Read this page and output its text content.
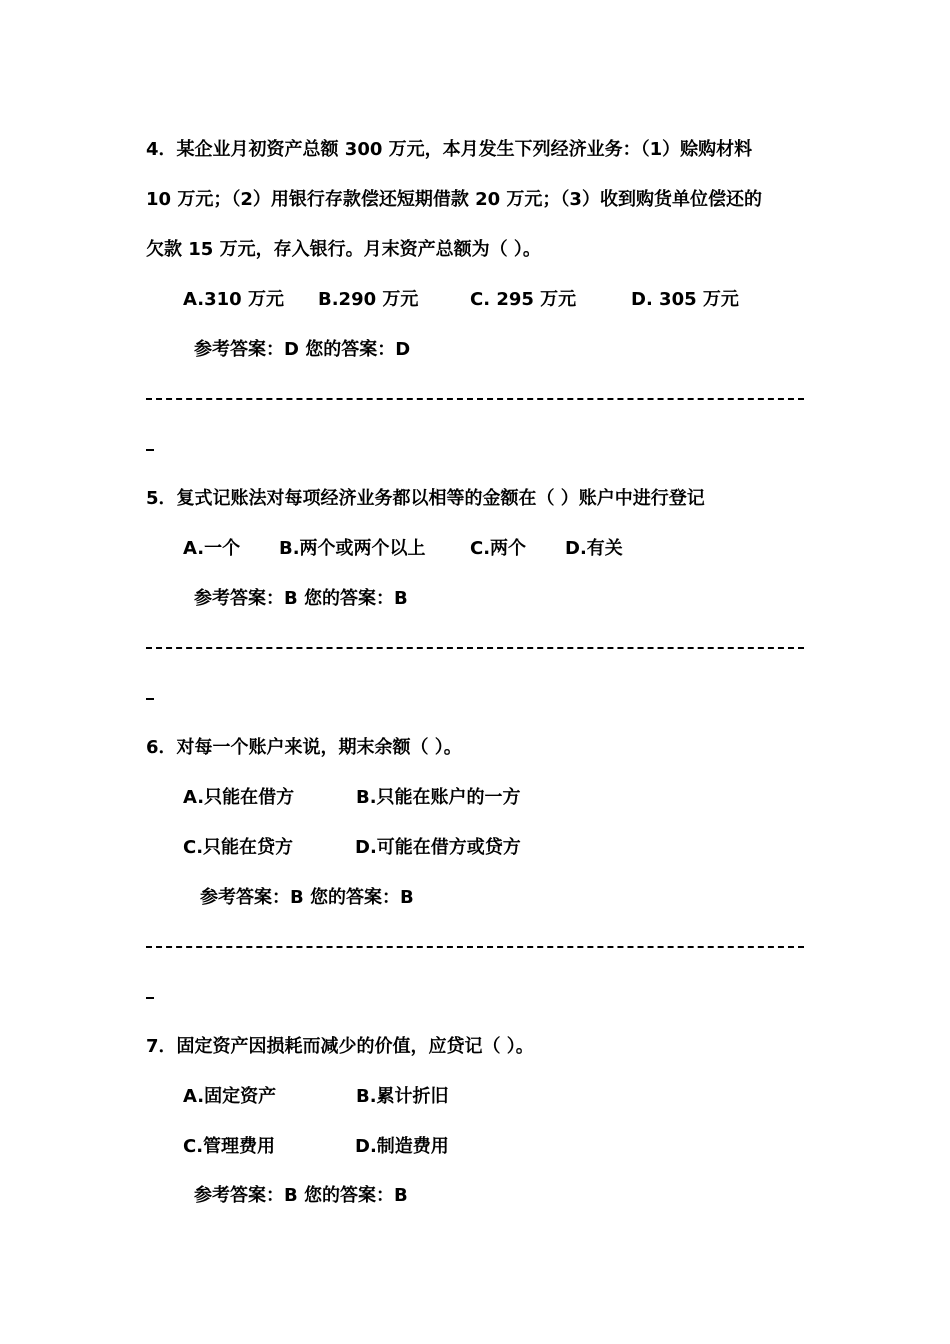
4．某企业月初资产总额 300 万元，本月发生下列经济业务：（1）赊购材料
10 万元；（2）用银行存款偿还短期借款 20 万元；（3）收到购货单位偿还的
欠款 15 万元，存入银行。月末资产总额为（ ）。
A.310 万元 B.290 万元	C. 295 万元	D. 305 万元
参考答案：D 您的答案：D
5．复式记账法对每项经济业务都以相等的金额在（ ）账户中进行登记
A.一个 B.两个或两个以上 C.两个 D.有关
参考答案：B 您的答案：B
6．对每一个账户来说，期末余额（ ）。
A.只能在借方	B.只能在账户的一方
C.只能在贷方	D.可能在借方或贷方
参考答案：B 您的答案：B
7．固定资产因损耗而减少的价值，应贷记（ ）。
A.固定资产	B.累计折旧
C.管理费用	D.制造费用
参考答案：B 您的答案：B
